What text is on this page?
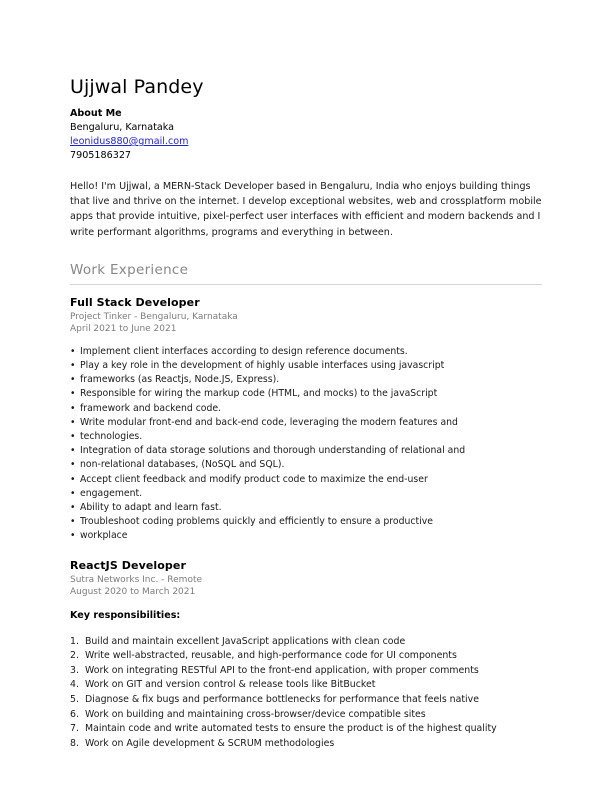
Ujjwal Pandey
About Me
Bengaluru, Karnataka
leonidus880@gmail.com
7905186327

Hello! I'm Ujjwal, a MERN-Stack Developer based in Bengaluru, India who enjoys building things that live and thrive on the internet. I develop exceptional websites, web and crossplatform mobile apps that provide intuitive, pixel-perfect user interfaces with efficient and modern backends and I write performant algorithms, programs and everything in between.

Work Experience
Full Stack Developer
Project Tinker - Bengaluru, Karnataka
April 2021 to June 2021
• Implement client interfaces according to design reference documents.
• Play a key role in the development of highly usable interfaces using javascript
• frameworks (as Reactjs, Node.JS, Express).
• Responsible for wiring the markup code (HTML, and mocks) to the javaScript
• framework and backend code.
• Write modular front-end and back-end code, leveraging the modern features and
• technologies.
• Integration of data storage solutions and thorough understanding of relational and
• non-relational databases, (NoSQL and SQL).
• Accept client feedback and modify product code to maximize the end-user
• engagement.
• Ability to adapt and learn fast.
• Troubleshoot coding problems quickly and efficiently to ensure a productive
• workplace
ReactJS Developer
Sutra Networks Inc. - Remote
August 2020 to March 2021
Key responsibilities:
Build and maintain excellent JavaScript applications with clean code
Write well-abstracted, reusable, and high-performance code for UI components
Work on integrating RESTful API to the front-end application, with proper comments
Work on GIT and version control & release tools like BitBucket
Diagnose & fix bugs and performance bottlenecks for performance that feels native
Work on building and maintaining cross-browser/device compatible sites
Maintain code and write automated tests to ensure the product is of the highest quality
Work on Agile development & SCRUM methodologies
